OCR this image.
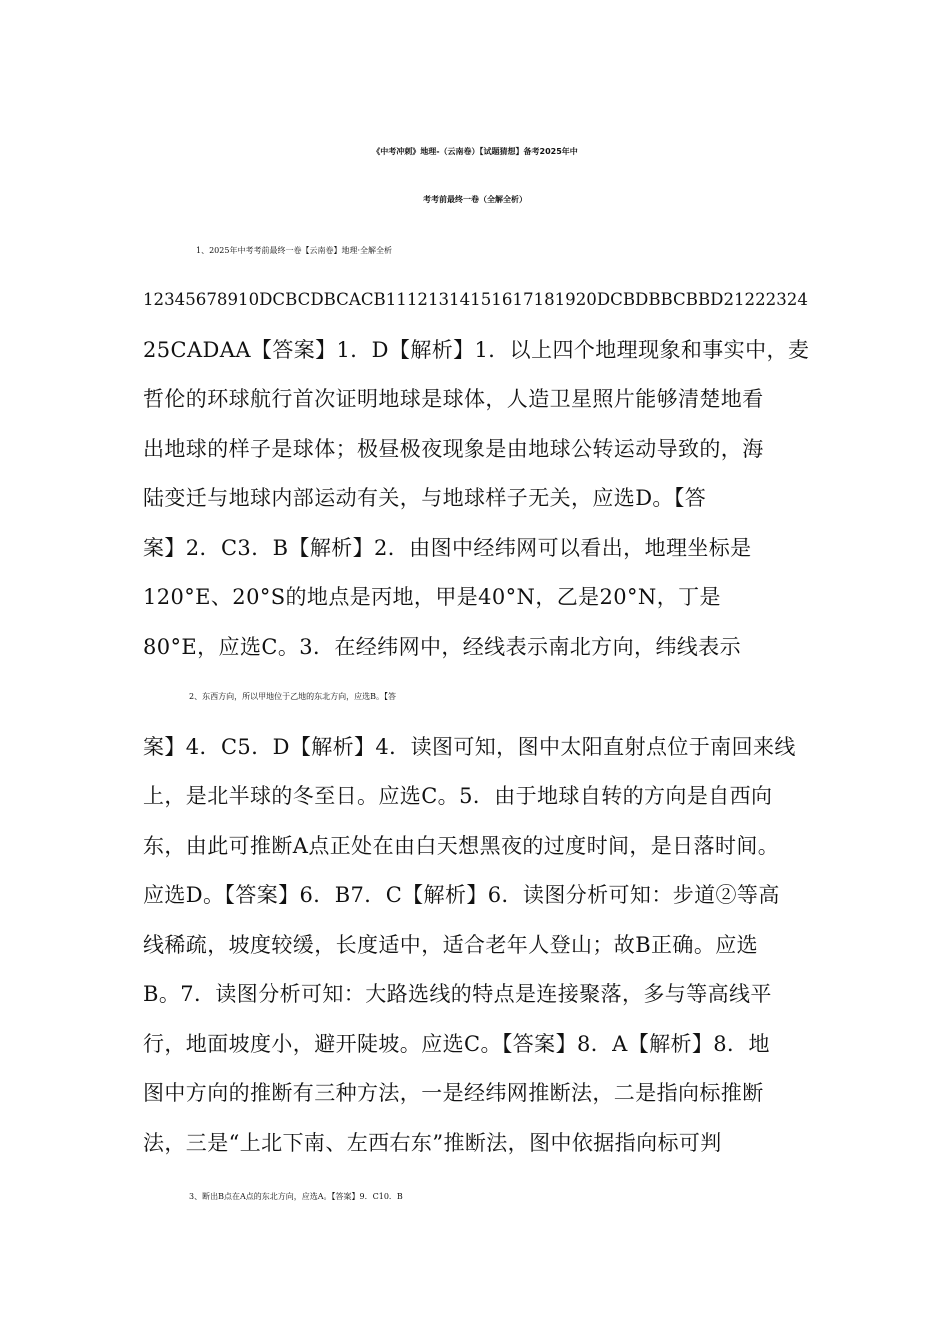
《中考冲刺》地理-（云南卷）【试题猜想】备考2025年中
考考前最终一卷（全解全析）
1、2025年中考考前最终一卷【云南卷】地理·全解全析
12345678910DCBCDBCACB11121314151617181920DCBDBBCBBD21222324
25CADAA【答案】1．D【解析】1．以上四个地理现象和事实中，麦
哲伦的环球航行首次证明地球是球体，人造卫星照片能够清楚地看
出地球的样子是球体；极昼极夜现象是由地球公转运动导致的，海
陆变迁与地球内部运动有关，与地球样子无关，应选D。【答
案】2．C3．B【解析】2．由图中经纬网可以看出，地理坐标是
120°E、20°S的地点是丙地，甲是40°N，乙是20°N，丁是
80°E，应选C。3．在经纬网中，经线表示南北方向，纬线表示
2、东西方向，所以甲地位于乙地的东北方向，应选B。【答
案】4．C5．D【解析】4．读图可知，图中太阳直射点位于南回来线
上，是北半球的冬至日。应选C。5．由于地球自转的方向是自西向
东，由此可推断A点正处在由白天想黑夜的过度时间，是日落时间。
应选D。【答案】6．B7．C【解析】6．读图分析可知：步道②等高
线稀疏，坡度较缓，长度适中，适合老年人登山；故B正确。应选
B。7．读图分析可知：大路选线的特点是连接聚落，多与等高线平
行，地面坡度小，避开陡坡。应选C。【答案】8．A【解析】8．地
图中方向的推断有三种方法，一是经纬网推断法，二是指向标推断
法，三是“上北下南、左西右东”推断法，图中依据指向标可判
3、断出B点在A点的东北方向，应选A。【答案】9．C10．B
